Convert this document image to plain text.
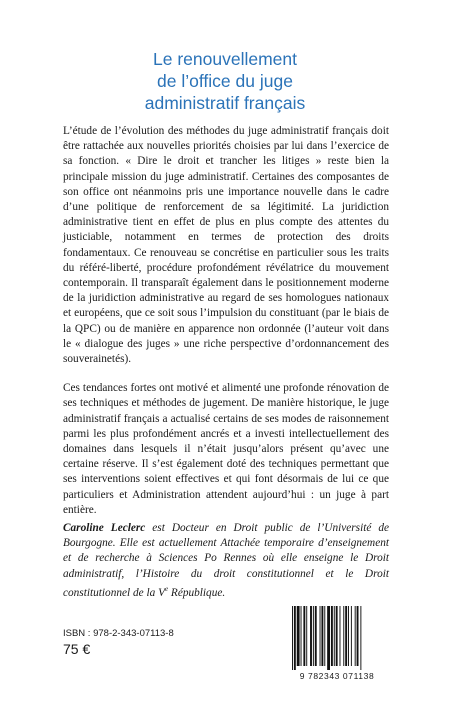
Le renouvellement
de l’office du juge
administratif français

L’étude de l’évolution des méthodes du juge administratif français doit être rattachée aux nouvelles priorités choisies par lui dans l’exercice de sa fonction. « Dire le droit et trancher les litiges » reste bien la principale mission du juge administratif. Certaines des composantes de son office ont néanmoins pris une importance nouvelle dans le cadre d’une politique de renforcement de sa légitimité. La juridiction administrative tient en effet de plus en plus compte des attentes du justiciable, notamment en termes de protection des droits fondamentaux. Ce renouveau se concrétise en particulier sous les traits du référé-liberté, procédure profondément révélatrice du mouvement contemporain. Il transparaît également dans le positionnement moderne de la juridiction administrative au regard de ses homologues nationaux et européens, que ce soit sous l’impulsion du constituant (par le biais de la QPC) ou de manière en apparence non ordonnée (l’auteur voit dans le « dialogue des juges » une riche perspective d’ordonnancement des souverainetés).

Ces tendances fortes ont motivé et alimenté une profonde rénovation de ses techniques et méthodes de jugement. De manière historique, le juge administratif français a actualisé certains de ses modes de raisonnement parmi les plus profondément ancrés et a investi intellectuellement des domaines dans lesquels il n’était jusqu’alors présent qu’avec une certaine réserve. Il s’est également doté des techniques permettant que ses interventions soient effectives et qui font désormais de lui ce que particuliers et Administration attendent aujourd’hui : un juge à part entière.

Caroline Leclerc est Docteur en Droit public de l’Université de Bourgogne. Elle est actuellement Attachée temporaire d’enseignement et de recherche à Sciences Po Rennes où elle enseigne le Droit administratif, l’Histoire du droit constitutionnel et le Droit constitutionnel de la Ve République.
ISBN : 978-2-343-07113-8
75 €
9 782343 071138
